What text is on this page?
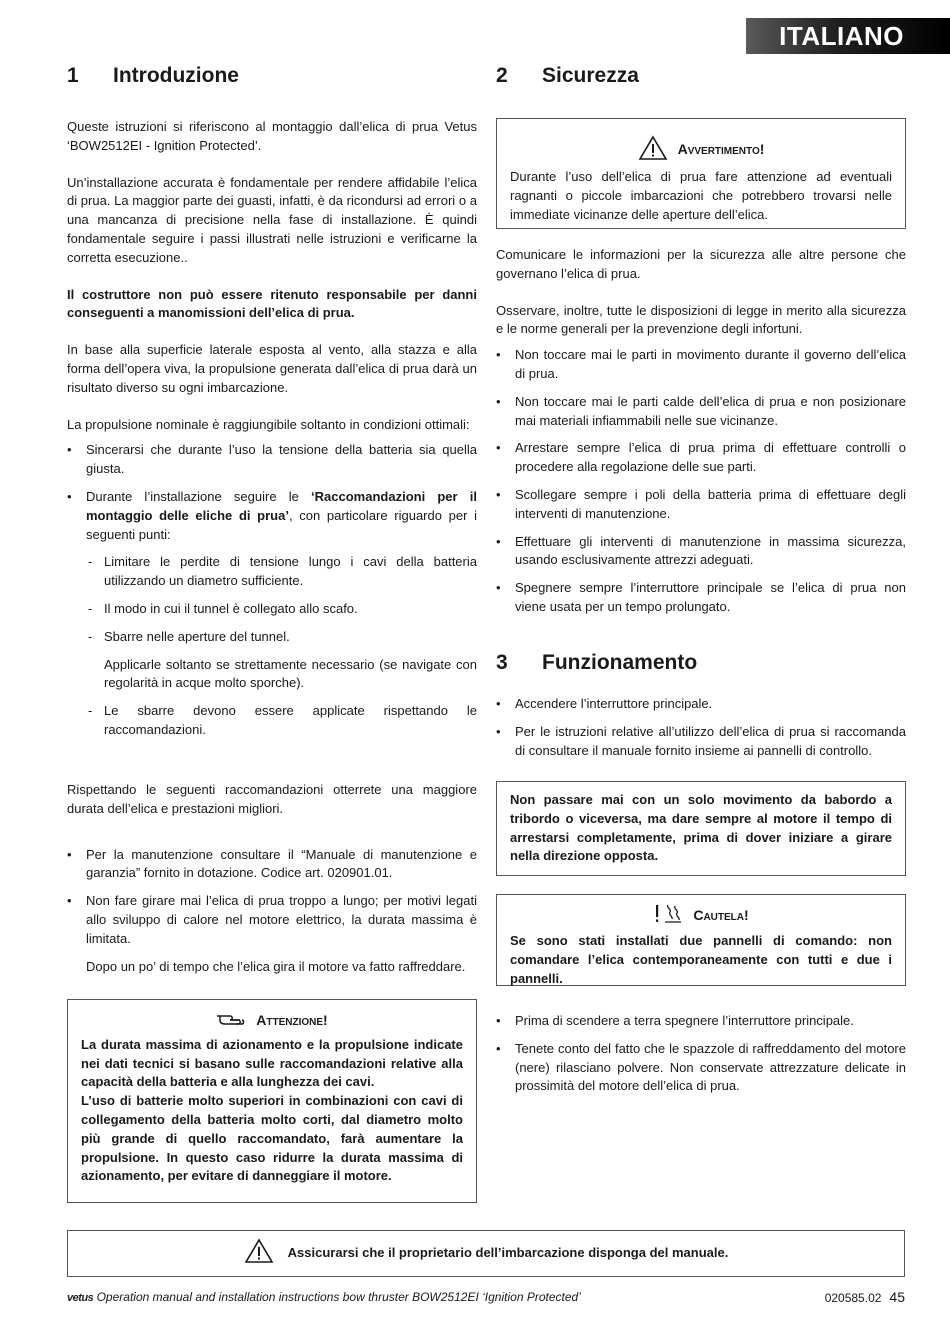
ITALIANO
1 Introduzione

Queste istruzioni si riferiscono al montaggio dall’elica di prua Vetus ‘BOW2512EI - Ignition Protected’.

Un’installazione accurata è fondamentale per rendere affidabile l’elica di prua. La maggior parte dei guasti, infatti, è da ricondursi ad errori o a una mancanza di precisione nella fase di installazione. È quindi fondamentale seguire i passi illustrati nelle istruzioni e verificarne la corretta esecuzione..

Il costruttore non può essere ritenuto responsabile per danni conseguenti a manomissioni dell’elica di prua.

In base alla superficie laterale esposta al vento, alla stazza e alla forma dell’opera viva, la propulsione generata dall’elica di prua darà un risultato diverso su ogni imbarcazione.

La propulsione nominale è raggiungibile soltanto in condizioni ottimali:

• Sincerarsi che durante l’uso la tensione della batteria sia quella giusta.
• Durante l’installazione seguire le ‘Raccomandazioni per il montaggio delle eliche di prua’, con particolare riguardo per i seguenti punti:
- Limitare le perdite di tensione lungo i cavi della batteria utilizzando un diametro sufficiente.
- Il modo in cui il tunnel è collegato allo scafo.
- Sbarre nelle aperture del tunnel.

Applicarle soltanto se strettamente necessario (se navigate con regolarità in acque molto sporche).

- Le sbarre devono essere applicate rispettando le raccomandazioni.

Rispettando le seguenti raccomandazioni otterrete una maggiore durata dell’elica e prestazioni migliori.

• Per la manutenzione consultare il “Manuale di manutenzione e garanzia” fornito in dotazione. Codice art. 020901.01.
• Non fare girare mai l’elica di prua troppo a lungo; per motivi legati allo sviluppo di calore nel motore elettrico, la durata massima è limitata.

Dopo un po’ di tempo che l’elica gira il motore va fatto raffreddare.

Attenzione!

La durata massima di azionamento e la propulsione indicate nei dati tecnici si basano sulle raccomandazioni relative alla capacità della batteria e alla lunghezza dei cavi.

L’uso di batterie molto superiori in combinazioni con cavi di collegamento della batteria molto corti, dal diametro molto più grande di quello raccomandato, farà aumentare la propulsione. In questo caso ridurre la durata massima di azionamento, per evitare di danneggiare il motore.

2 Sicurezza
Avvertimento!

Durante l’uso dell’elica di prua fare attenzione ad eventuali ragnanti o piccole imbarcazioni che potrebbero trovarsi nelle immediate vicinanze delle aperture dell’elica.

Comunicare le informazioni per la sicurezza alle altre persone che governano l’elica di prua.

Osservare, inoltre, tutte le disposizioni di legge in merito alla sicurezza e le norme generali per la prevenzione degli infortuni.

• Non toccare mai le parti in movimento durante il governo dell’elica di prua.
• Non toccare mai le parti calde dell’elica di prua e non posizionare mai materiali infiammabili nelle sue vicinanze.
• Arrestare sempre l’elica di prua prima di effettuare controlli o procedere alla regolazione delle sue parti.
• Scollegare sempre i poli della batteria prima di effettuare degli interventi di manutenzione.
• Effettuare gli interventi di manutenzione in massima sicurezza, usando esclusivamente attrezzi adeguati.
• Spegnere sempre l’interruttore principale se l’elica di prua non viene usata per un tempo prolungato.
3 Funzionamento
• Accendere l’interruttore principale.
• Per le istruzioni relative all’utilizzo dell’elica di prua si raccomanda di consultare il manuale fornito insieme ai pannelli di controllo.

Non passare mai con un solo movimento da babordo a tribordo o viceversa, ma dare sempre al motore il tempo di arrestarsi completamente, prima di dover iniziare a girare nella direzione opposta.

Cautela!

Se sono stati installati due pannelli di comando: non comandare l’elica contemporaneamente con tutti e due i pannelli.

• Prima di scendere a terra spegnere l’interruttore principale.
• Tenete conto del fatto che le spazzole di raffreddamento del motore (nere) rilasciano polvere. Non conservate attrezzature delicate in prossimità del motore dell’elica di prua.
Assicurarsi che il proprietario dell’imbarcazione disponga del manuale.
vetus Operation manual and installation instructions bow thruster BOW2512EI ‘Ignition Protected’	020585.02 45
